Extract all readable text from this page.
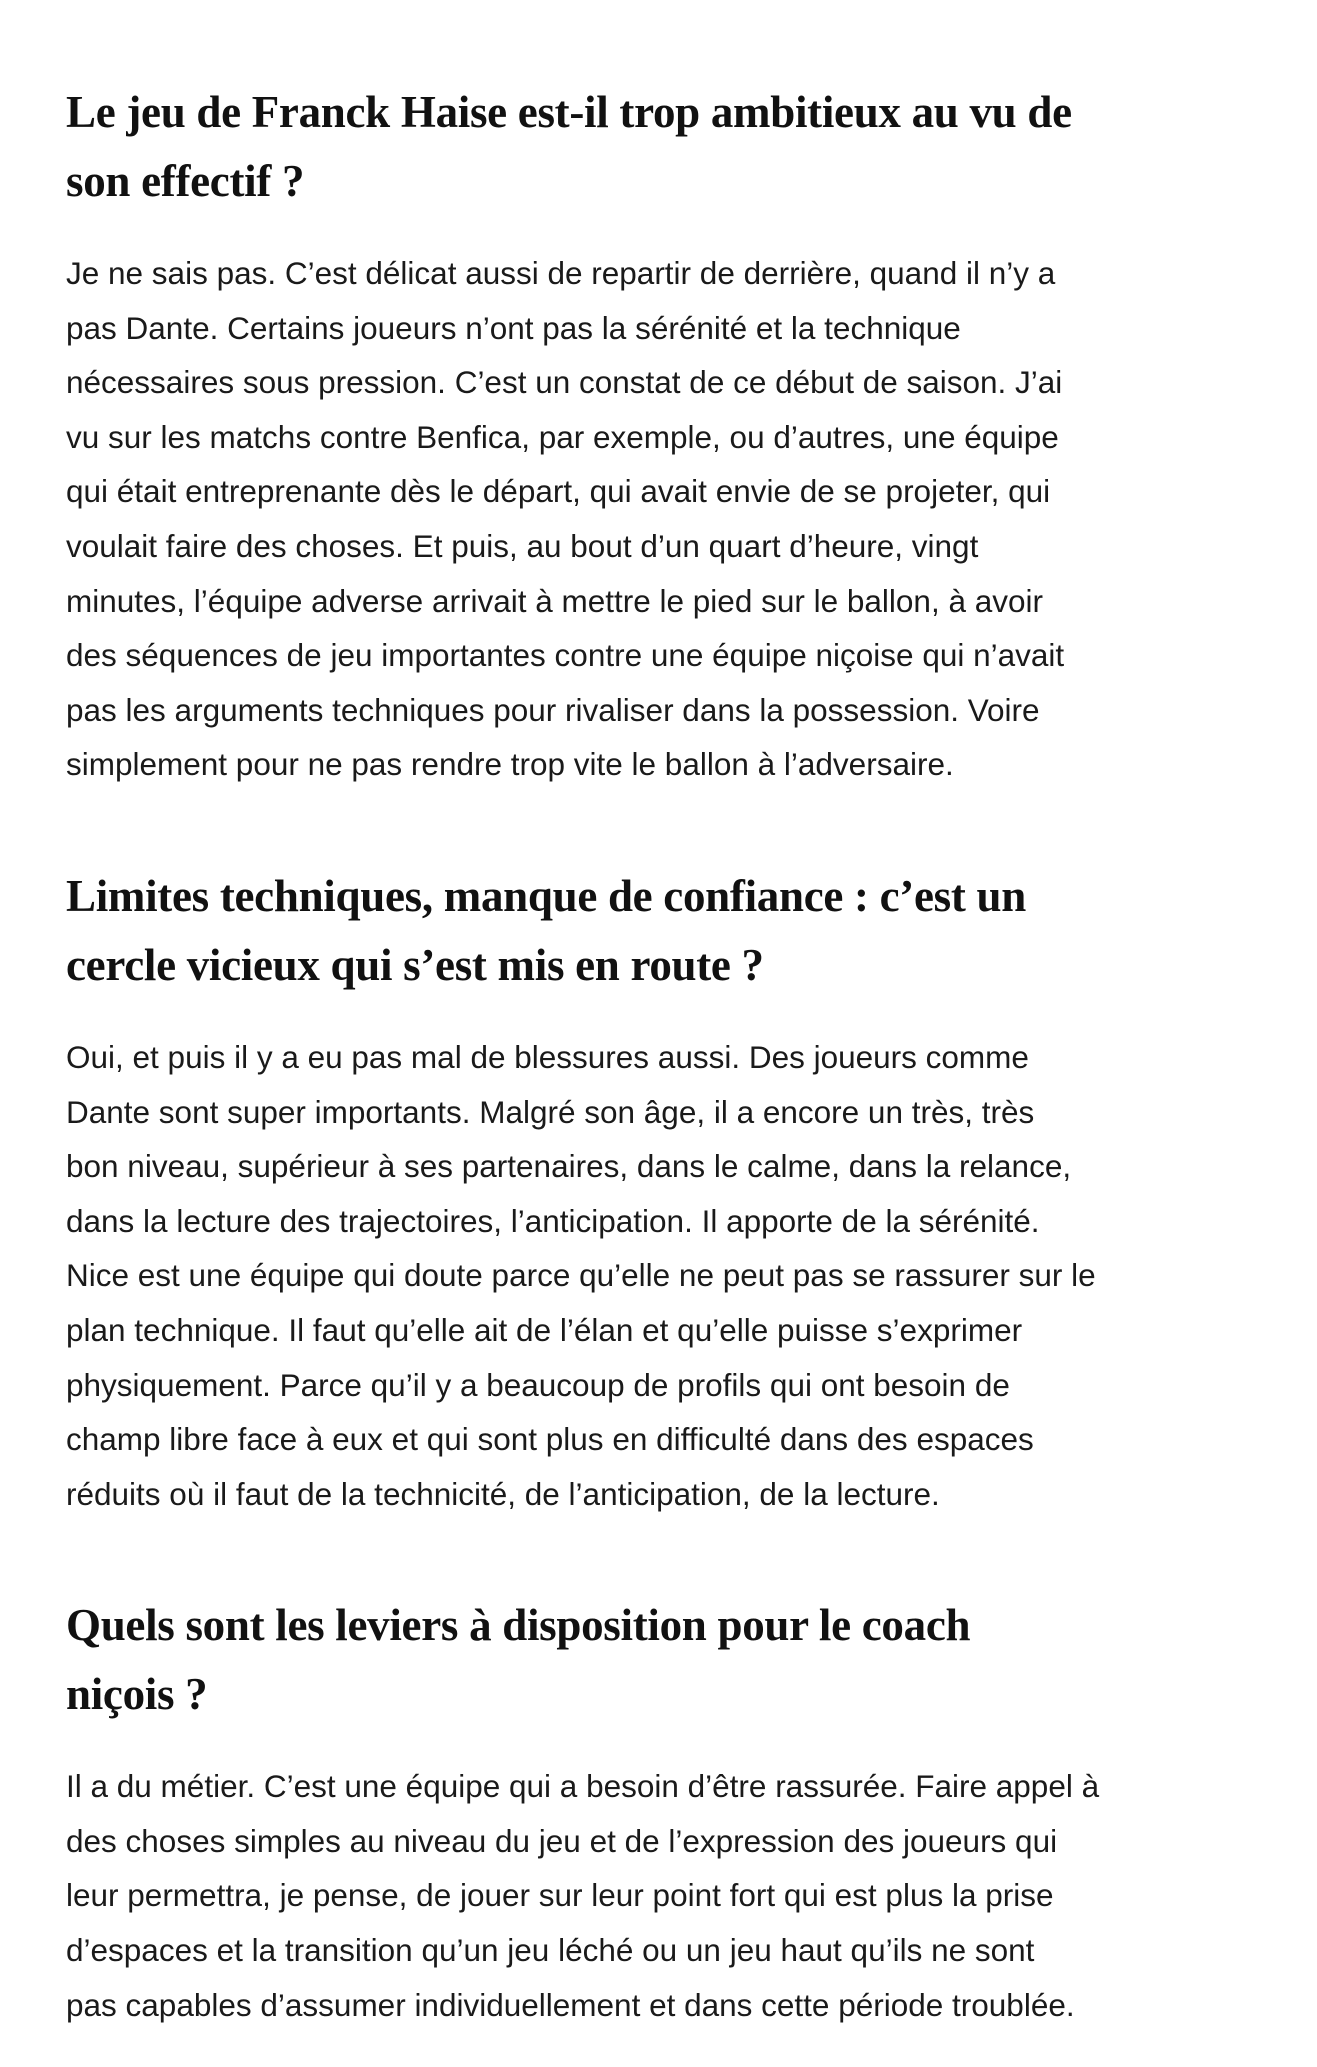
Le jeu de Franck Haise est-il trop ambitieux au vu de
son effectif ?

Je ne sais pas. C’est délicat aussi de repartir de derrière, quand il n’y a
pas Dante. Certains joueurs n’ont pas la sérénité et la technique
nécessaires sous pression. C’est un constat de ce début de saison. J’ai
vu sur les matchs contre Benfica, par exemple, ou d’autres, une équipe
qui était entreprenante dès le départ, qui avait envie de se projeter, qui
voulait faire des choses. Et puis, au bout d’un quart d’heure, vingt
minutes, l’équipe adverse arrivait à mettre le pied sur le ballon, à avoir
des séquences de jeu importantes contre une équipe niçoise qui n’avait
pas les arguments techniques pour rivaliser dans la possession. Voire
simplement pour ne pas rendre trop vite le ballon à l’adversaire.

Limites techniques, manque de confiance : c’est un
cercle vicieux qui s’est mis en route ?

Oui, et puis il y a eu pas mal de blessures aussi. Des joueurs comme
Dante sont super importants. Malgré son âge, il a encore un très, très
bon niveau, supérieur à ses partenaires, dans le calme, dans la relance,
dans la lecture des trajectoires, l’anticipation. Il apporte de la sérénité.
Nice est une équipe qui doute parce qu’elle ne peut pas se rassurer sur le
plan technique. Il faut qu’elle ait de l’élan et qu’elle puisse s’exprimer
physiquement. Parce qu’il y a beaucoup de profils qui ont besoin de
champ libre face à eux et qui sont plus en difficulté dans des espaces
réduits où il faut de la technicité, de l’anticipation, de la lecture.

Quels sont les leviers à disposition pour le coach
niçois ?

Il a du métier. C’est une équipe qui a besoin d’être rassurée. Faire appel à
des choses simples au niveau du jeu et de l’expression des joueurs qui
leur permettra, je pense, de jouer sur leur point fort qui est plus la prise
d’espaces et la transition qu’un jeu léché ou un jeu haut qu’ils ne sont
pas capables d’assumer individuellement et dans cette période troublée.
